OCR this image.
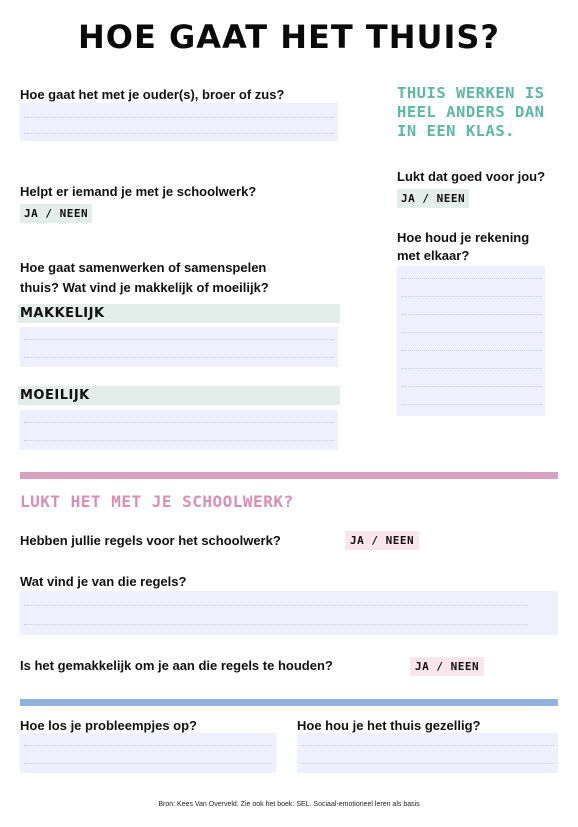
HOE GAAT HET THUIS?
Hoe gaat het met je ouder(s), broer of zus?
Helpt er iemand je met je schoolwerk?
JA / NEEN
Hoe gaat samenwerken of samenspelen
thuis? Wat vind je makkelijk of moeilijk?
MAKKELIJK
MOEILIJK
THUIS WERKEN IS
HEEL ANDERS DAN
IN EEN KLAS.
Lukt dat goed voor jou?
JA / NEEN
Hoe houd je rekening
met elkaar?
LUKT HET MET JE SCHOOLWERK?
Hebben jullie regels voor het schoolwerk?	JA / NEEN
Wat vind je van die regels?
Is het gemakkelijk om je aan die regels te houden?	JA / NEEN
Hoe los je probleempjes op?	Hoe hou je het thuis gezellig?
Bron: Kees Van Overveld. Zie ook het boek: SEL. Sociaal-emotioneel leren als basis
